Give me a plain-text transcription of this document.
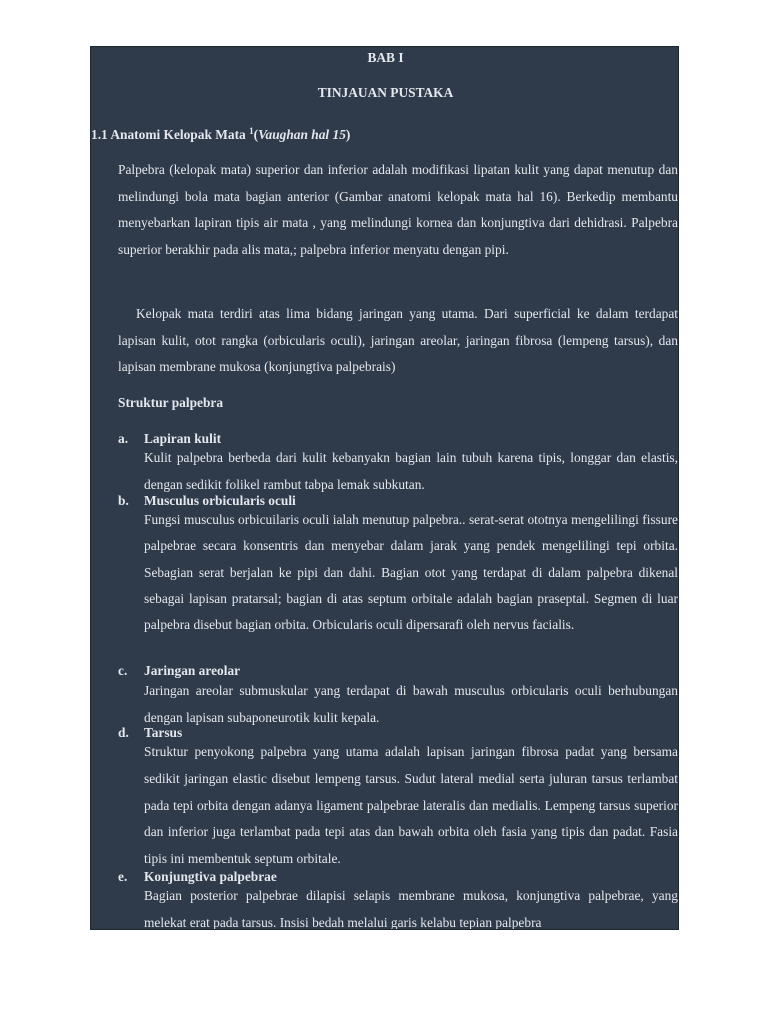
BAB I
TINJAUAN PUSTAKA
1.1 Anatomi Kelopak Mata $^1$(Vaughan hal 15)

Palpebra (kelopak mata) superior dan inferior adalah modifikasi lipatan kulit yang dapat menutup dan melindungi bola mata bagian anterior (Gambar anatomi kelopak mata hal 16). Berkedip membantu menyebarkan lapiran tipis air mata , yang melindungi kornea dan konjungtiva dari dehidrasi. Palpebra superior berakhir pada alis mata,; palpebra inferior menyatu dengan pipi.

Kelopak mata terdiri atas lima bidang jaringan yang utama. Dari superficial ke dalam terdapat lapisan kulit, otot rangka (orbicularis oculi), jaringan areolar, jaringan fibrosa (lempeng tarsus), dan lapisan membrane mukosa (konjungtiva palpebrais)

Struktur palpebra
a. Lapiran kulit

Kulit palpebra berbeda dari kulit kebanyakn bagian lain tubuh karena tipis, longgar dan elastis, dengan sedikit folikel rambut tabpa lemak subkutan.

b. Musculus orbicularis oculi

Fungsi musculus orbicuilaris oculi ialah menutup palpebra.. serat-serat ototnya mengelilingi fissure palpebrae secara konsentris dan menyebar dalam jarak yang pendek mengelilingi tepi orbita. Sebagian serat berjalan ke pipi dan dahi. Bagian otot yang terdapat di dalam palpebra dikenal sebagai lapisan pratarsal; bagian di atas septum orbitale adalah bagian praseptal. Segmen di luar palpebra disebut bagian orbita. Orbicularis oculi dipersarafi oleh nervus facialis.

c. Jaringan areolar

Jaringan areolar submuskular yang terdapat di bawah musculus orbicularis oculi berhubungan dengan lapisan subaponeurotik kulit kepala.

d. Tarsus

Struktur penyokong palpebra yang utama adalah lapisan jaringan fibrosa padat yang bersama sedikit jaringan elastic disebut lempeng tarsus. Sudut lateral medial serta juluran tarsus terlambat pada tepi orbita dengan adanya ligament palpebrae lateralis dan medialis. Lempeng tarsus superior dan inferior juga terlambat pada tepi atas dan bawah orbita oleh fasia yang tipis dan padat. Fasia tipis ini membentuk septum orbitale.

e. Konjungtiva palpebrae

Bagian posterior palpebrae dilapisi selapis membrane mukosa, konjungtiva palpebrae, yang melekat erat pada tarsus. Insisi bedah melalui garis kelabu tepian palpebra
